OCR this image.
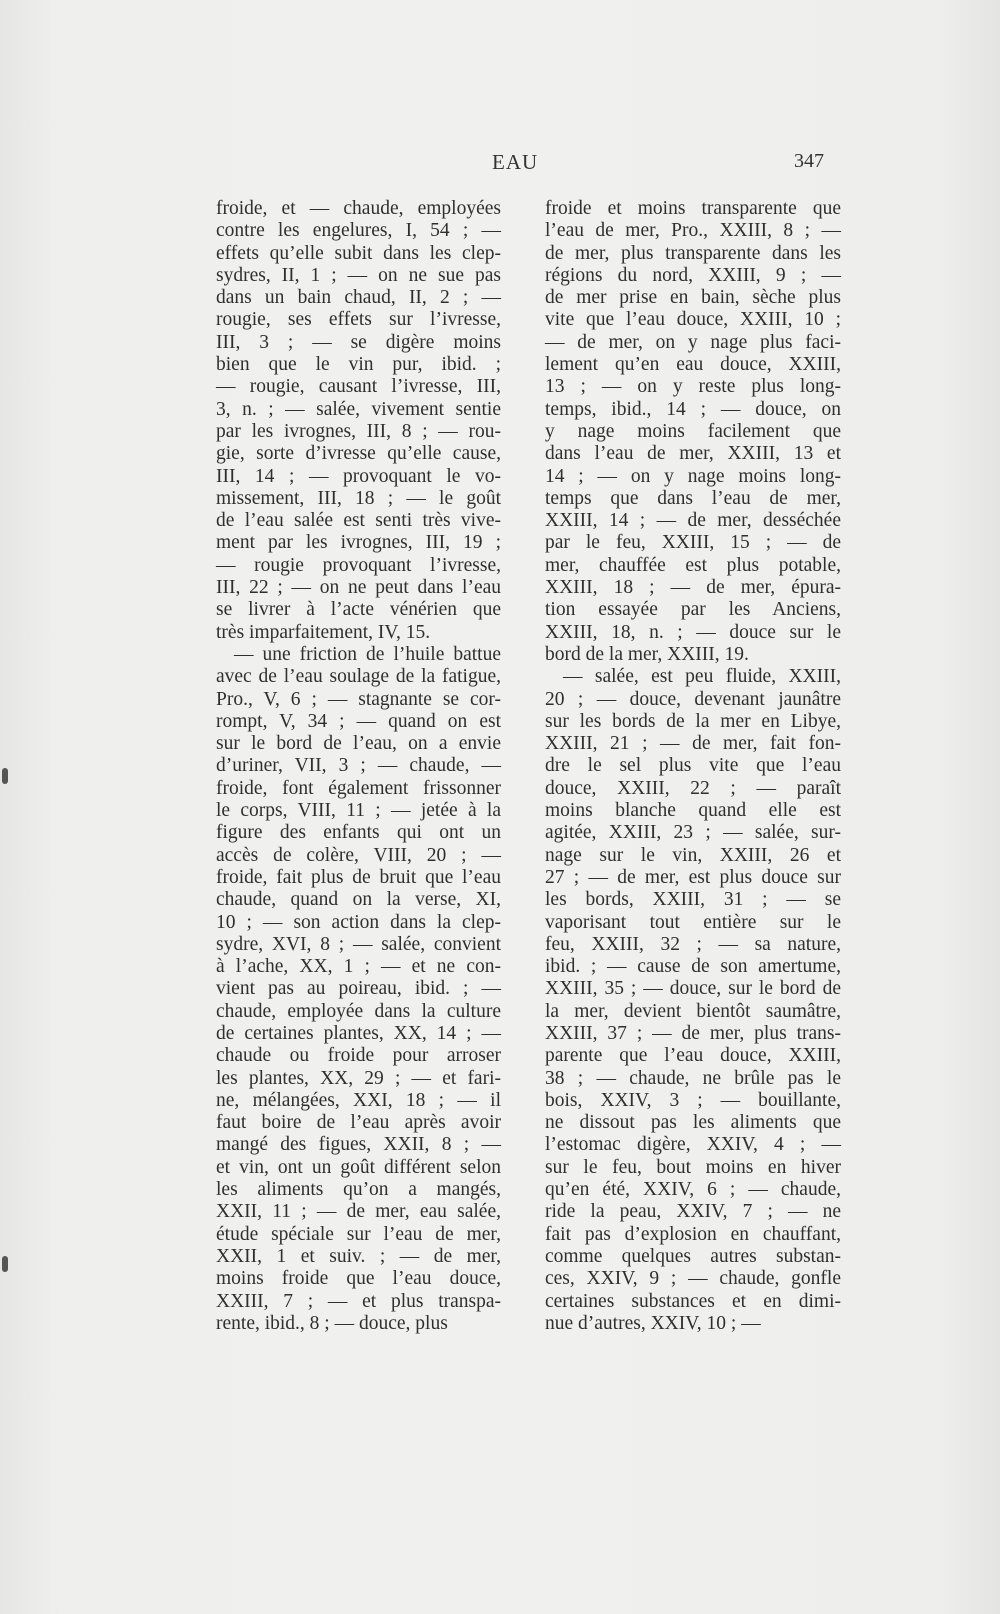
EAU	347
froide, et — chaude, employées
contre les engelures, I, 54 ; —
effets qu’elle subit dans les clep-
sydres, II, 1 ; — on ne sue pas
dans un bain chaud, II, 2 ; —
rougie, ses effets sur l’ivresse,
III, 3 ; — se digère moins
bien que le vin pur, ibid. ;
— rougie, causant l’ivresse, III,
3, n. ; — salée, vivement sentie
par les ivrognes, III, 8 ; — rou-
gie, sorte d’ivresse qu’elle cause,
III, 14 ; — provoquant le vo-
missement, III, 18 ; — le goût
de l’eau salée est senti très vive-
ment par les ivrognes, III, 19 ;
— rougie provoquant l’ivresse,
III, 22 ; — on ne peut dans l’eau
se livrer à l’acte vénérien que
très imparfaitement, IV, 15.
— une friction de l’huile battue
avec de l’eau soulage de la fatigue,
Pro., V, 6 ; — stagnante se cor-
rompt, V, 34 ; — quand on est
sur le bord de l’eau, on a envie
d’uriner, VII, 3 ; — chaude, —
froide, font également frissonner
le corps, VIII, 11 ; — jetée à la
figure des enfants qui ont un
accès de colère, VIII, 20 ; —
froide, fait plus de bruit que l’eau
chaude, quand on la verse, XI,
10 ; — son action dans la clep-
sydre, XVI, 8 ; — salée, convient
à l’ache, XX, 1 ; — et ne con-
vient pas au poireau, ibid. ; —
chaude, employée dans la culture
de certaines plantes, XX, 14 ; —
chaude ou froide pour arroser
les plantes, XX, 29 ; — et fari-
ne, mélangées, XXI, 18 ; — il
faut boire de l’eau après avoir
mangé des figues, XXII, 8 ; —
et vin, ont un goût différent selon
les aliments qu’on a mangés,
XXII, 11 ; — de mer, eau salée,
étude spéciale sur l’eau de mer,
XXII, 1 et suiv. ; — de mer,
moins froide que l’eau douce,
XXIII, 7 ; — et plus transpa-
rente, ibid., 8 ; — douce, plus
froide et moins transparente que
l’eau de mer, Pro., XXIII, 8 ; —
de mer, plus transparente dans les
régions du nord, XXIII, 9 ; —
de mer prise en bain, sèche plus
vite que l’eau douce, XXIII, 10 ;
— de mer, on y nage plus faci-
lement qu’en eau douce, XXIII,
13 ; — on y reste plus long-
temps, ibid., 14 ; — douce, on
y nage moins facilement que
dans l’eau de mer, XXIII, 13 et
14 ; — on y nage moins long-
temps que dans l’eau de mer,
XXIII, 14 ; — de mer, desséchée
par le feu, XXIII, 15 ; — de
mer, chauffée est plus potable,
XXIII, 18 ; — de mer, épura-
tion essayée par les Anciens,
XXIII, 18, n. ; — douce sur le
bord de la mer, XXIII, 19.
— salée, est peu fluide, XXIII,
20 ; — douce, devenant jaunâtre
sur les bords de la mer en Libye,
XXIII, 21 ; — de mer, fait fon-
dre le sel plus vite que l’eau
douce, XXIII, 22 ; — paraît
moins blanche quand elle est
agitée, XXIII, 23 ; — salée, sur-
nage sur le vin, XXIII, 26 et
27 ; — de mer, est plus douce sur
les bords, XXIII, 31 ; — se
vaporisant tout entière sur le
feu, XXIII, 32 ; — sa nature,
ibid. ; — cause de son amertume,
XXIII, 35 ; — douce, sur le bord de
la mer, devient bientôt saumâtre,
XXIII, 37 ; — de mer, plus trans-
parente que l’eau douce, XXIII,
38 ; — chaude, ne brûle pas le
bois, XXIV, 3 ; — bouillante,
ne dissout pas les aliments que
l’estomac digère, XXIV, 4 ; —
sur le feu, bout moins en hiver
qu’en été, XXIV, 6 ; — chaude,
ride la peau, XXIV, 7 ; — ne
fait pas d’explosion en chauffant,
comme quelques autres substan-
ces, XXIV, 9 ; — chaude, gonfle
certaines substances et en dimi-
nue d’autres, XXIV, 10 ; —
